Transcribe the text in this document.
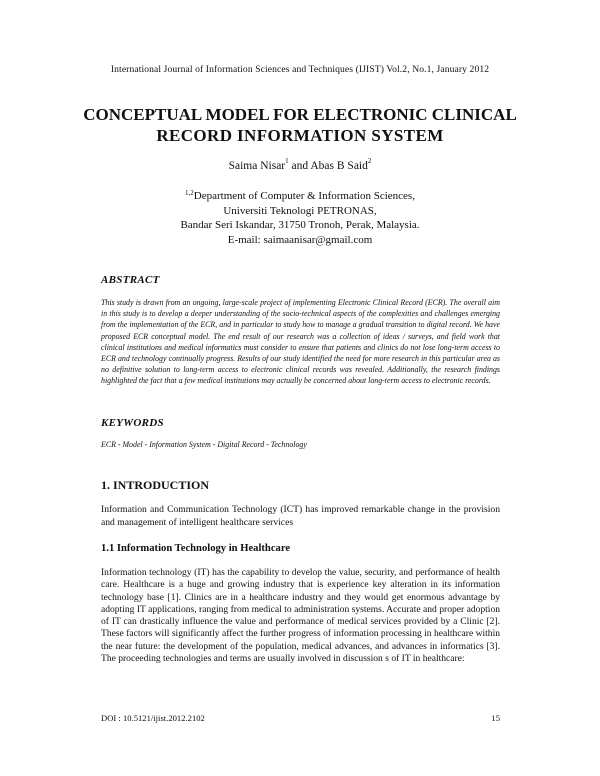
International Journal of Information Sciences and Techniques (IJIST) Vol.2, No.1, January 2012
CONCEPTUAL MODEL FOR ELECTRONIC CLINICAL
RECORD INFORMATION SYSTEM
Saima Nisar$^1$ and Abas B Said$^2$
$^{1,2}$Department of Computer & Information Sciences,
Universiti Teknologi PETRONAS,
Bandar Seri Iskandar, 31750 Tronoh, Perak, Malaysia.
E-mail: saimaanisar@gmail.com
ABSTRACT
This study is drawn from an ongoing, large-scale project of implementing Electronic Clinical Record (ECR). The overall aim in this study is to develop a deeper understanding of the socio-technical aspects of the complexities and challenges emerging from the implementation of the ECR, and in particular to study how to manage a gradual transition to digital record. We have proposed ECR conceptual model. The end result of our research was a collection of ideas / surveys, and field work that clinical institutions and medical informatics must consider to ensure that patients and clinics do not lose long-term access to ECR and technology continually progress. Results of our study identified the need for more research in this particular area as no definitive solution to long-term access to electronic clinical records was revealed. Additionally, the research findings highlighted the fact that a few medical institutions may actually be concerned about long-term access to electronic records.
KEYWORDS
ECR - Model - Information System - Digital Record - Technology
1. INTRODUCTION
Information and Communication Technology (ICT) has improved remarkable change in the provision and management of intelligent healthcare services
1.1 Information Technology in Healthcare
Information technology (IT) has the capability to develop the value, security, and performance of health care. Healthcare is a huge and growing industry that is experience key alteration in its information technology base [1]. Clinics are in a healthcare industry and they would get enormous advantage by adopting IT applications, ranging from medical to administration systems. Accurate and proper adoption of IT can drastically influence the value and performance of medical services provided by a Clinic [2]. These factors will significantly affect the further progress of information processing in healthcare within the near future: the development of the population, medical advances, and advances in informatics [3]. The proceeding technologies and terms are usually involved in discussion s of IT in healthcare:
DOI : 10.5121/ijist.2012.2102	15
